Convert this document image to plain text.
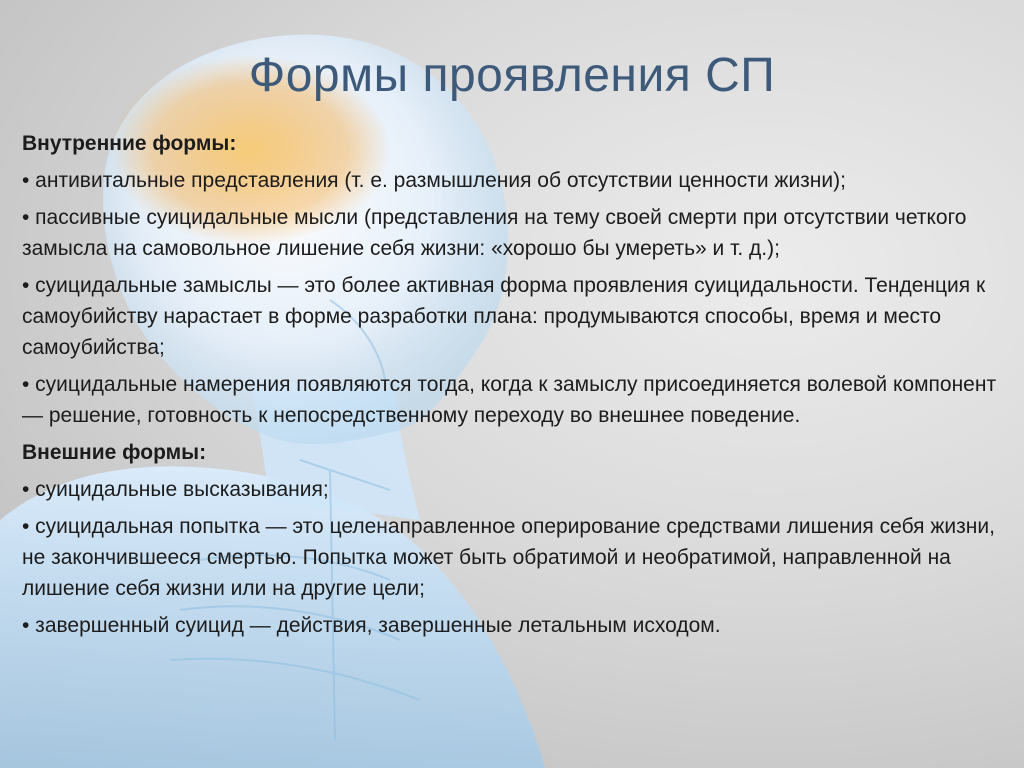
Формы проявления СП

Внутренние формы:

• антивитальные представления (т. е. размышления об отсутствии ценности жизни);

• пассивные суицидальные мысли (представления на тему своей смерти при отсутствии четкого замысла на самовольное лишение себя жизни: «хорошо бы умереть» и т. д.);

• суицидальные замыслы — это более активная форма проявления суицидальности. Тенденция к самоубийству нарастает в форме разработки плана: продумываются способы, время и место самоубийства;

• суицидальные намерения появляются тогда, когда к замыслу присоединяется волевой компонент — решение, готовность к непосредственному переходу во внешнее поведение.

Внешние формы:

• суицидальные высказывания;

• суицидальная попытка — это целенаправленное оперирование средствами лишения себя жизни, не закончившееся смертью. Попытка может быть обратимой и необратимой, направленной на лишение себя жизни или на другие цели;

• завершенный суицид — действия, завершенные летальным исходом.
